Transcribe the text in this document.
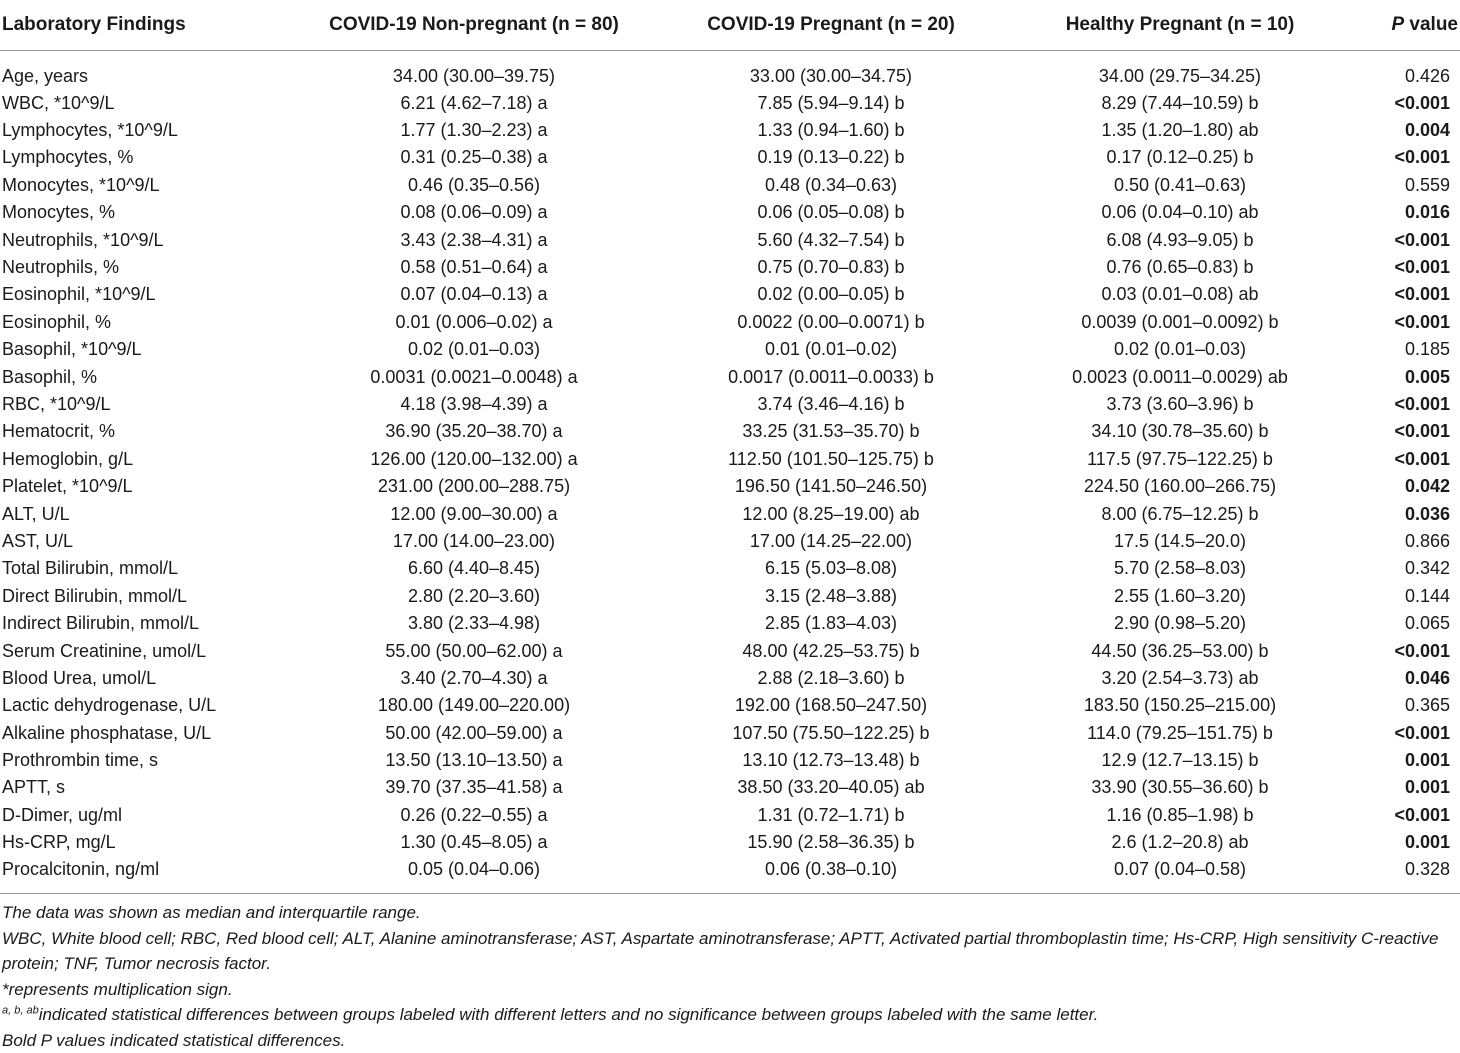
Laboratory Findings	COVID-19 Non-pregnant (n = 80)	COVID-19 Pregnant (n = 20)	Healthy Pregnant (n = 10)	P value
Age, years	34.00 (30.00–39.75)	33.00 (30.00–34.75)	34.00 (29.75–34.25)	0.426
WBC, *10^9/L	6.21 (4.62–7.18) a	7.85 (5.94–9.14) b	8.29 (7.44–10.59) b	<0.001
Lymphocytes, *10^9/L	1.77 (1.30–2.23) a	1.33 (0.94–1.60) b	1.35 (1.20–1.80) ab	0.004
Lymphocytes, %	0.31 (0.25–0.38) a	0.19 (0.13–0.22) b	0.17 (0.12–0.25) b	<0.001
Monocytes, *10^9/L	0.46 (0.35–0.56)	0.48 (0.34–0.63)	0.50 (0.41–0.63)	0.559
Monocytes, %	0.08 (0.06–0.09) a	0.06 (0.05–0.08) b	0.06 (0.04–0.10) ab	0.016
Neutrophils, *10^9/L	3.43 (2.38–4.31) a	5.60 (4.32–7.54) b	6.08 (4.93–9.05) b	<0.001
Neutrophils, %	0.58 (0.51–0.64) a	0.75 (0.70–0.83) b	0.76 (0.65–0.83) b	<0.001
Eosinophil, *10^9/L	0.07 (0.04–0.13) a	0.02 (0.00–0.05) b	0.03 (0.01–0.08) ab	<0.001
Eosinophil, %	0.01 (0.006–0.02) a	0.0022 (0.00–0.0071) b	0.0039 (0.001–0.0092) b	<0.001
Basophil, *10^9/L	0.02 (0.01–0.03)	0.01 (0.01–0.02)	0.02 (0.01–0.03)	0.185
Basophil, %	0.0031 (0.0021–0.0048) a	0.0017 (0.0011–0.0033) b	0.0023 (0.0011–0.0029) ab	0.005
RBC, *10^9/L	4.18 (3.98–4.39) a	3.74 (3.46–4.16) b	3.73 (3.60–3.96) b	<0.001
Hematocrit, %	36.90 (35.20–38.70) a	33.25 (31.53–35.70) b	34.10 (30.78–35.60) b	<0.001
Hemoglobin, g/L	126.00 (120.00–132.00) a	112.50 (101.50–125.75) b	117.5 (97.75–122.25) b	<0.001
Platelet, *10^9/L	231.00 (200.00–288.75)	196.50 (141.50–246.50)	224.50 (160.00–266.75)	0.042
ALT, U/L	12.00 (9.00–30.00) a	12.00 (8.25–19.00) ab	8.00 (6.75–12.25) b	0.036
AST, U/L	17.00 (14.00–23.00)	17.00 (14.25–22.00)	17.5 (14.5–20.0)	0.866
Total Bilirubin, mmol/L	6.60 (4.40–8.45)	6.15 (5.03–8.08)	5.70 (2.58–8.03)	0.342
Direct Bilirubin, mmol/L	2.80 (2.20–3.60)	3.15 (2.48–3.88)	2.55 (1.60–3.20)	0.144
Indirect Bilirubin, mmol/L	3.80 (2.33–4.98)	2.85 (1.83–4.03)	2.90 (0.98–5.20)	0.065
Serum Creatinine, umol/L	55.00 (50.00–62.00) a	48.00 (42.25–53.75) b	44.50 (36.25–53.00) b	<0.001
Blood Urea, umol/L	3.40 (2.70–4.30) a	2.88 (2.18–3.60) b	3.20 (2.54–3.73) ab	0.046
Lactic dehydrogenase, U/L	180.00 (149.00–220.00)	192.00 (168.50–247.50)	183.50 (150.25–215.00)	0.365
Alkaline phosphatase, U/L	50.00 (42.00–59.00) a	107.50 (75.50–122.25) b	114.0 (79.25–151.75) b	<0.001
Prothrombin time, s	13.50 (13.10–13.50) a	13.10 (12.73–13.48) b	12.9 (12.7–13.15) b	0.001
APTT, s	39.70 (37.35–41.58) a	38.50 (33.20–40.05) ab	33.90 (30.55–36.60) b	0.001
D-Dimer, ug/ml	0.26 (0.22–0.55) a	1.31 (0.72–1.71) b	1.16 (0.85–1.98) b	<0.001
Hs-CRP, mg/L	1.30 (0.45–8.05) a	15.90 (2.58–36.35) b	2.6 (1.2–20.8) ab	0.001
Procalcitonin, ng/ml	0.05 (0.04–0.06)	0.06 (0.38–0.10)	0.07 (0.04–0.58)	0.328
The data was shown as median and interquartile range.
WBC, White blood cell; RBC, Red blood cell; ALT, Alanine aminotransferase; AST, Aspartate aminotransferase; APTT, Activated partial thromboplastin time; Hs-CRP, High sensitivity C-reactive protein; TNF, Tumor necrosis factor.
*represents multiplication sign.
$^{a, b, ab}$indicated statistical differences between groups labeled with different letters and no significance between groups labeled with the same letter.
Bold P values indicated statistical differences.
